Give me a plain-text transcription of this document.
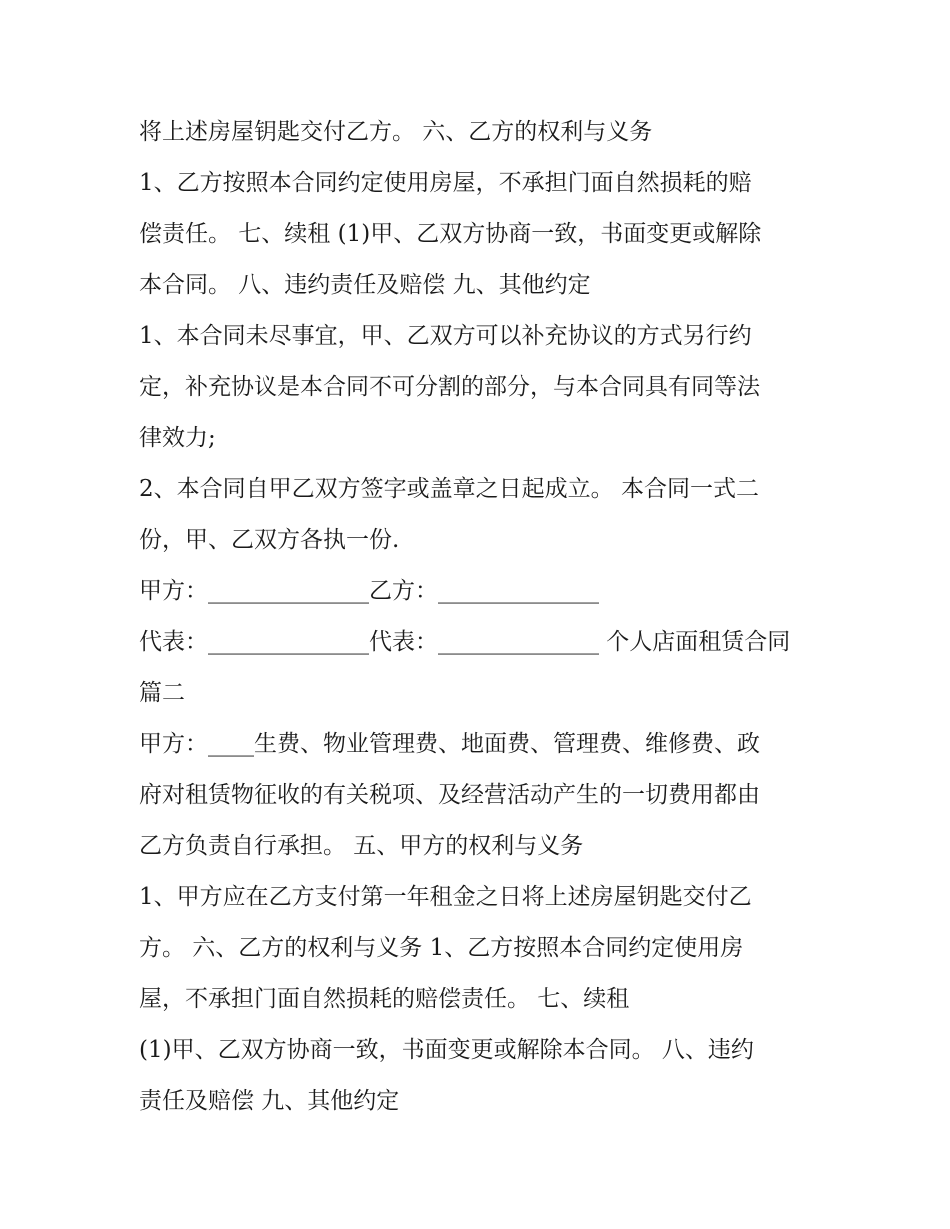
将上述房屋钥匙交付乙方。 六、乙方的权利与义务
1、乙方按照本合同约定使用房屋，不承担门面自然损耗的赔
偿责任。 七、续租 (1)甲、乙双方协商一致，书面变更或解除
本合同。 八、违约责任及赔偿 九、其他约定
1、本合同未尽事宜，甲、乙双方可以补充协议的方式另行约
定，补充协议是本合同不可分割的部分，与本合同具有同等法
律效力;
2、本合同自甲乙双方签字或盖章之日起成立。 本合同一式二
份，甲、乙双方各执一份.
甲方：______________乙方：______________
代表：______________代表：______________ 个人店面租赁合同
篇二
甲方：____生费、物业管理费、地面费、管理费、维修费、政
府对租赁物征收的有关税项、及经营活动产生的一切费用都由
乙方负责自行承担。 五、甲方的权利与义务
1、甲方应在乙方支付第一年租金之日将上述房屋钥匙交付乙
方。 六、乙方的权利与义务 1、乙方按照本合同约定使用房
屋，不承担门面自然损耗的赔偿责任。 七、续租
(1)甲、乙双方协商一致，书面变更或解除本合同。 八、违约
责任及赔偿 九、其他约定
